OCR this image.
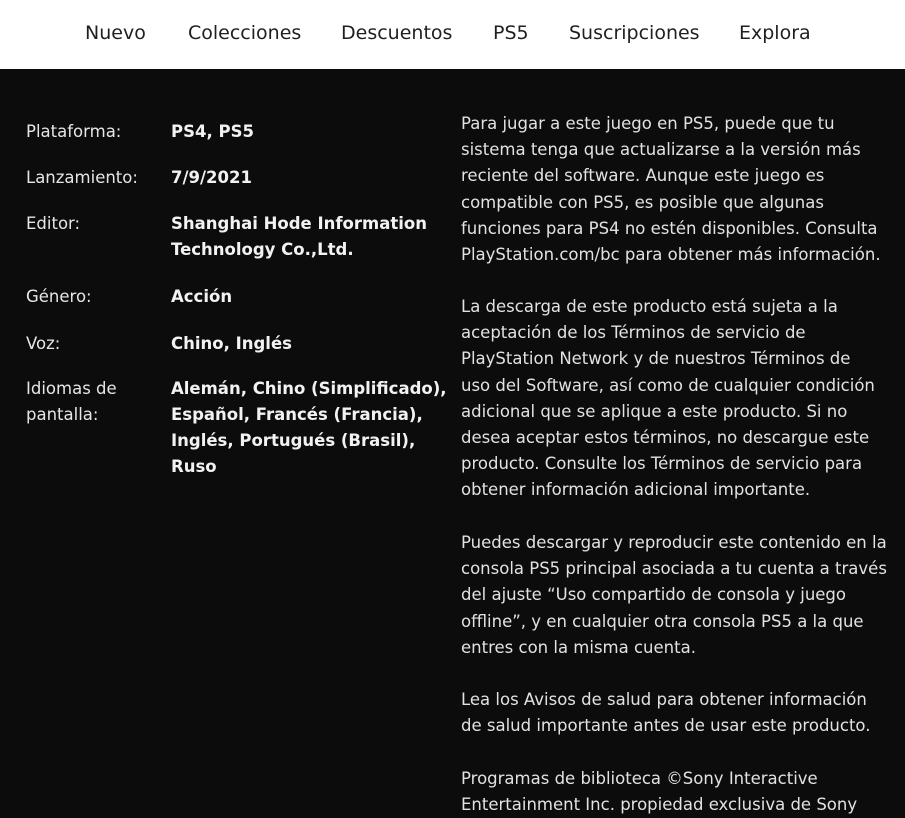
Nuevo Colecciones Descuentos PS5 Suscripciones Explora
Plataforma:	PS4, PS5
Lanzamiento:	7/9/2021
Editor:	Shanghai Hode Information
Technology Co.,Ltd.
Género:	Acción
Voz:	Chino, Inglés
Idiomas de
pantalla:
Alemán, Chino (Simplificado),
Español, Francés (Francia),
Inglés, Portugués (Brasil), Ruso

Para jugar a este juego en PS5, puede que tu
sistema tenga que actualizarse a la versión más
reciente del software. Aunque este juego es
compatible con PS5, es posible que algunas
funciones para PS4 no estén disponibles. Consulta
PlayStation.com/bc para obtener más información.

La descarga de este producto está sujeta a la
aceptación de los Términos de servicio de
PlayStation Network y de nuestros Términos de
uso del Software, así como de cualquier condición
adicional que se aplique a este producto. Si no
desea aceptar estos términos, no descargue este
producto. Consulte los Términos de servicio para
obtener información adicional importante.

Puedes descargar y reproducir este contenido en la
consola PS5 principal asociada a tu cuenta a través
del ajuste “Uso compartido de consola y juego
offline”, y en cualquier otra consola PS5 a la que
entres con la misma cuenta.

Lea los Avisos de salud para obtener información
de salud importante antes de usar este producto.

Programas de biblioteca ©Sony Interactive
Entertainment Inc. propiedad exclusiva de Sony
